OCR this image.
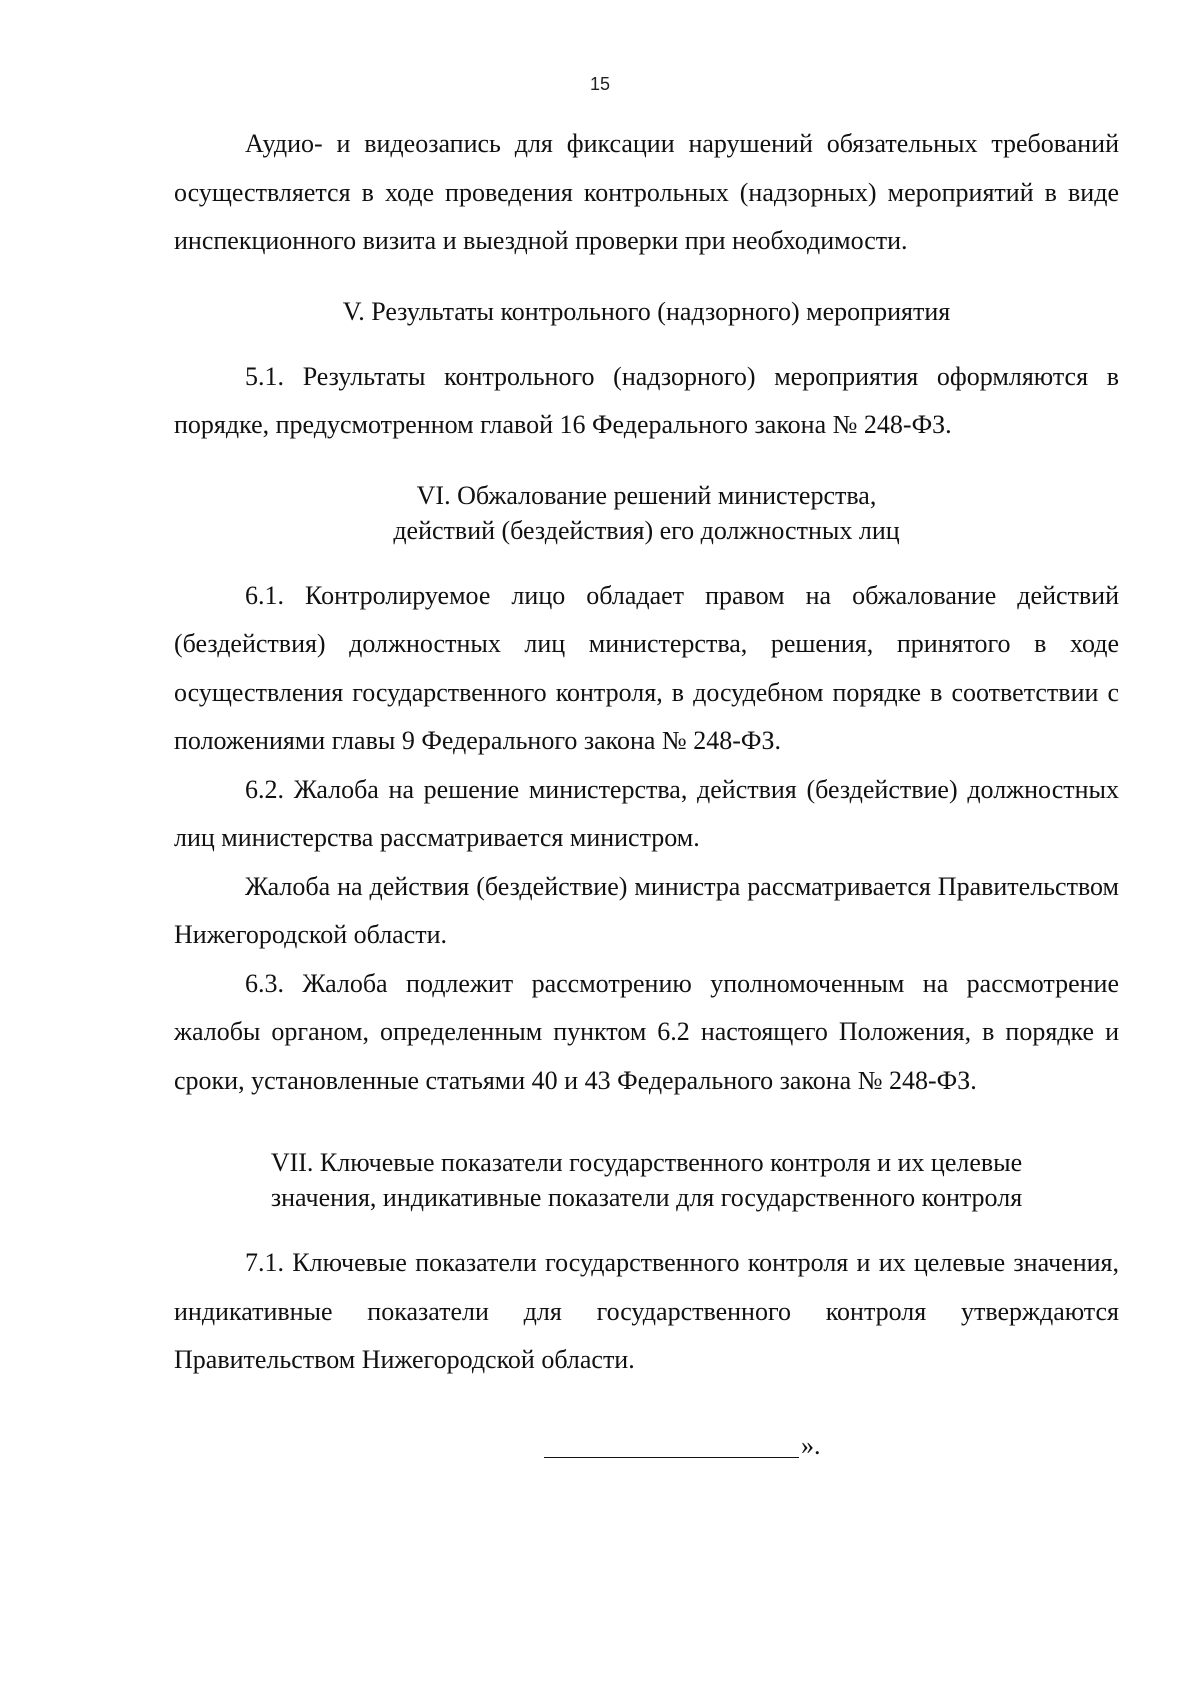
15

Аудио- и видеозапись для фиксации нарушений обязательных требований осуществляется в ходе проведения контрольных (надзорных) мероприятий в виде инспекционного визита и выездной проверки при необходимости.

V. Результаты контрольного (надзорного) мероприятия

5.1. Результаты контрольного (надзорного) мероприятия оформляются в порядке, предусмотренном главой 16 Федерального закона № 248-ФЗ.

VI. Обжалование решений министерства,
действий (бездействия) его должностных лиц

6.1. Контролируемое лицо обладает правом на обжалование действий (бездействия) должностных лиц министерства, решения, принятого в ходе осуществления государственного контроля, в досудебном порядке в соответствии с положениями главы 9 Федерального закона № 248-ФЗ.

6.2. Жалоба на решение министерства, действия (бездействие) должностных лиц министерства рассматривается министром.

Жалоба на действия (бездействие) министра рассматривается Правительством Нижегородской области.

6.3. Жалоба подлежит рассмотрению уполномоченным на рассмотрение жалобы органом, определенным пунктом 6.2 настоящего Положения, в порядке и сроки, установленные статьями 40 и 43 Федерального закона № 248-ФЗ.

VII. Ключевые показатели государственного контроля и их целевые
значения, индикативные показатели для государственного контроля

7.1. Ключевые показатели государственного контроля и их целевые значения, индикативные показатели для государственного контроля утверждаются Правительством Нижегородской области.

».
